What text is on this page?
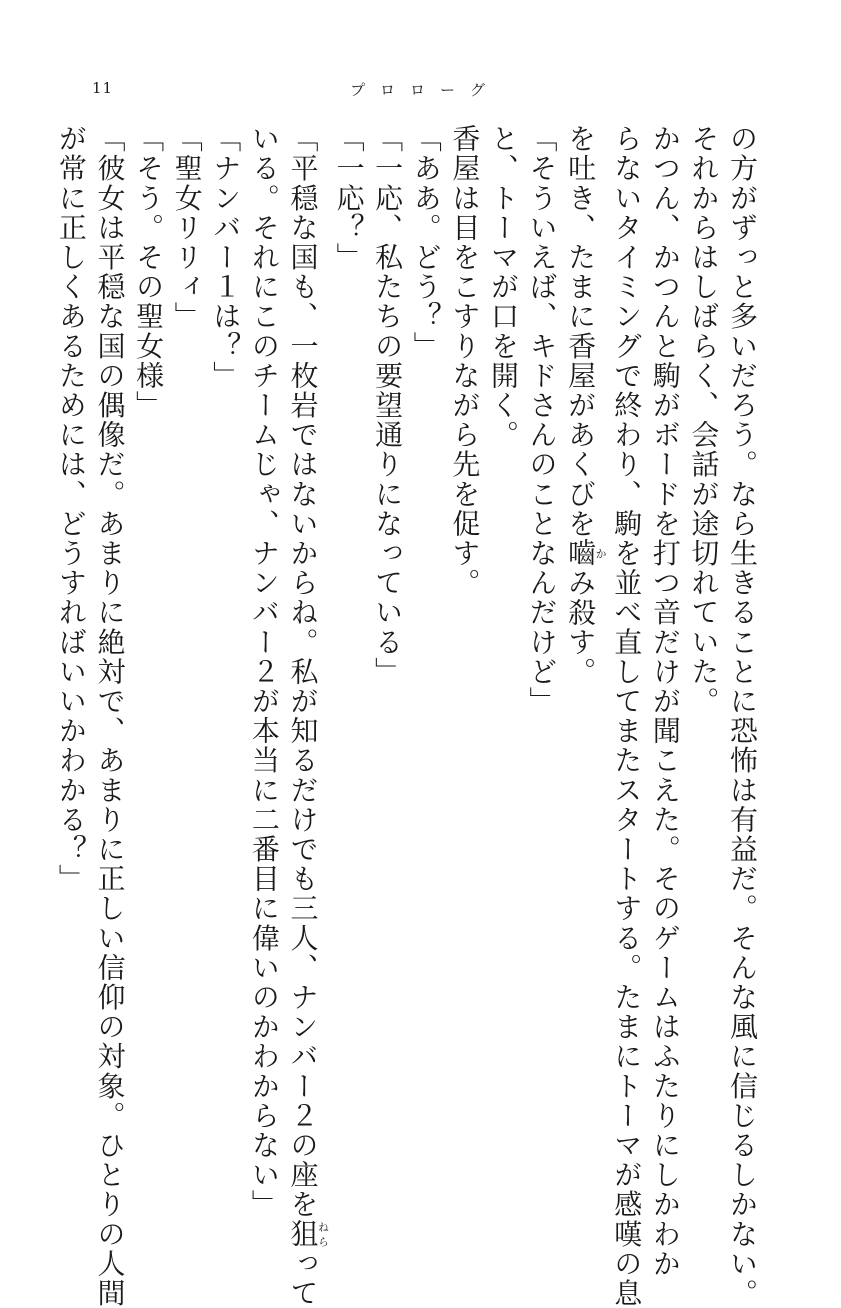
11	プロローグ
の方がずっと多いだろう。なら生きることに恐怖は有益だ。そんな風に信じるしかない。
それからはしばらく、会話が途切れていた。
かつん、かつんと駒がボードを打つ音だけが聞こえた。そのゲームはふたりにしかわか
らないタイミングで終わり、駒を並べ直してまたスタートする。たまにトーマが感嘆の息
を吐き、たまに香屋があくびを嚙かみ殺す。
「そういえば、キドさんのことなんだけど」
と、トーマが口を開く。
香屋は目をこすりながら先を促す。
「ああ。どう？」
「一応、私たちの要望通りになっている」
「一応？」
「平穏な国も、一枚岩ではないからね。私が知るだけでも三人、ナンバー２の座を狙ねらって
いる。それにこのチームじゃ、ナンバー２が本当に二番目に偉いのかわからない」
「ナンバー１は？」
「聖女リリィ」
「そう。その聖女様」
「彼女は平穏な国の偶像だ。あまりに絶対で、あまりに正しい信仰の対象。ひとりの人間
が常に正しくあるためには、どうすればいいかわかる？」
